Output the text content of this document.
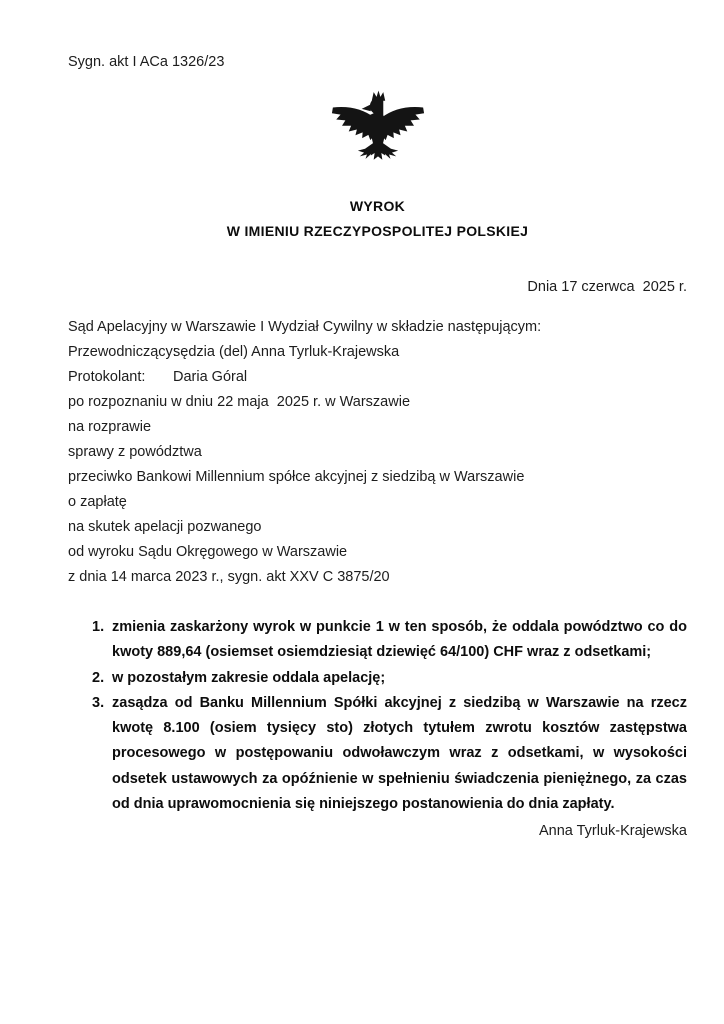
Sygn. akt I ACa 1326/23
WYROK
W IMIENIU RZECZYPOSPOLITEJ POLSKIEJ
Dnia 17 czerwca  2025 r.
Sąd Apelacyjny w Warszawie I Wydział Cywilny w składzie następującym:
Przewodniczący:
sędzia (del) Anna Tyrluk-Krajewska
Protokolant:	Daria Góral
po rozpoznaniu w dniu 22 maja  2025 r. w Warszawie
na rozprawie
sprawy z powództwa
przeciwko Bankowi Millennium spółce akcyjnej z siedzibą w Warszawie
o zapłatę
na skutek apelacji pozwanego
od wyroku Sądu Okręgowego w Warszawie
z dnia 14 marca 2023 r., sygn. akt XXV C 3875/20
1. zmienia zaskarżony wyrok w punkcie 1 w ten sposób, że oddala powództwo co do kwoty 889,64 (osiemset osiemdziesiąt dziewięć 64/100) CHF wraz z odsetkami;
2. w pozostałym zakresie oddala apelację;
3. zasądza od Banku Millennium Spółki akcyjnej z siedzibą w Warszawie na rzecz kwotę 8.100 (osiem tysięcy sto) złotych tytułem zwrotu kosztów zastępstwa procesowego w postępowaniu odwoławczym wraz z odsetkami, w wysokości odsetek ustawowych za opóźnienie w spełnieniu świadczenia pieniężnego, za czas od dnia uprawomocnienia się niniejszego postanowienia do dnia zapłaty.
Anna Tyrluk-Krajewska
